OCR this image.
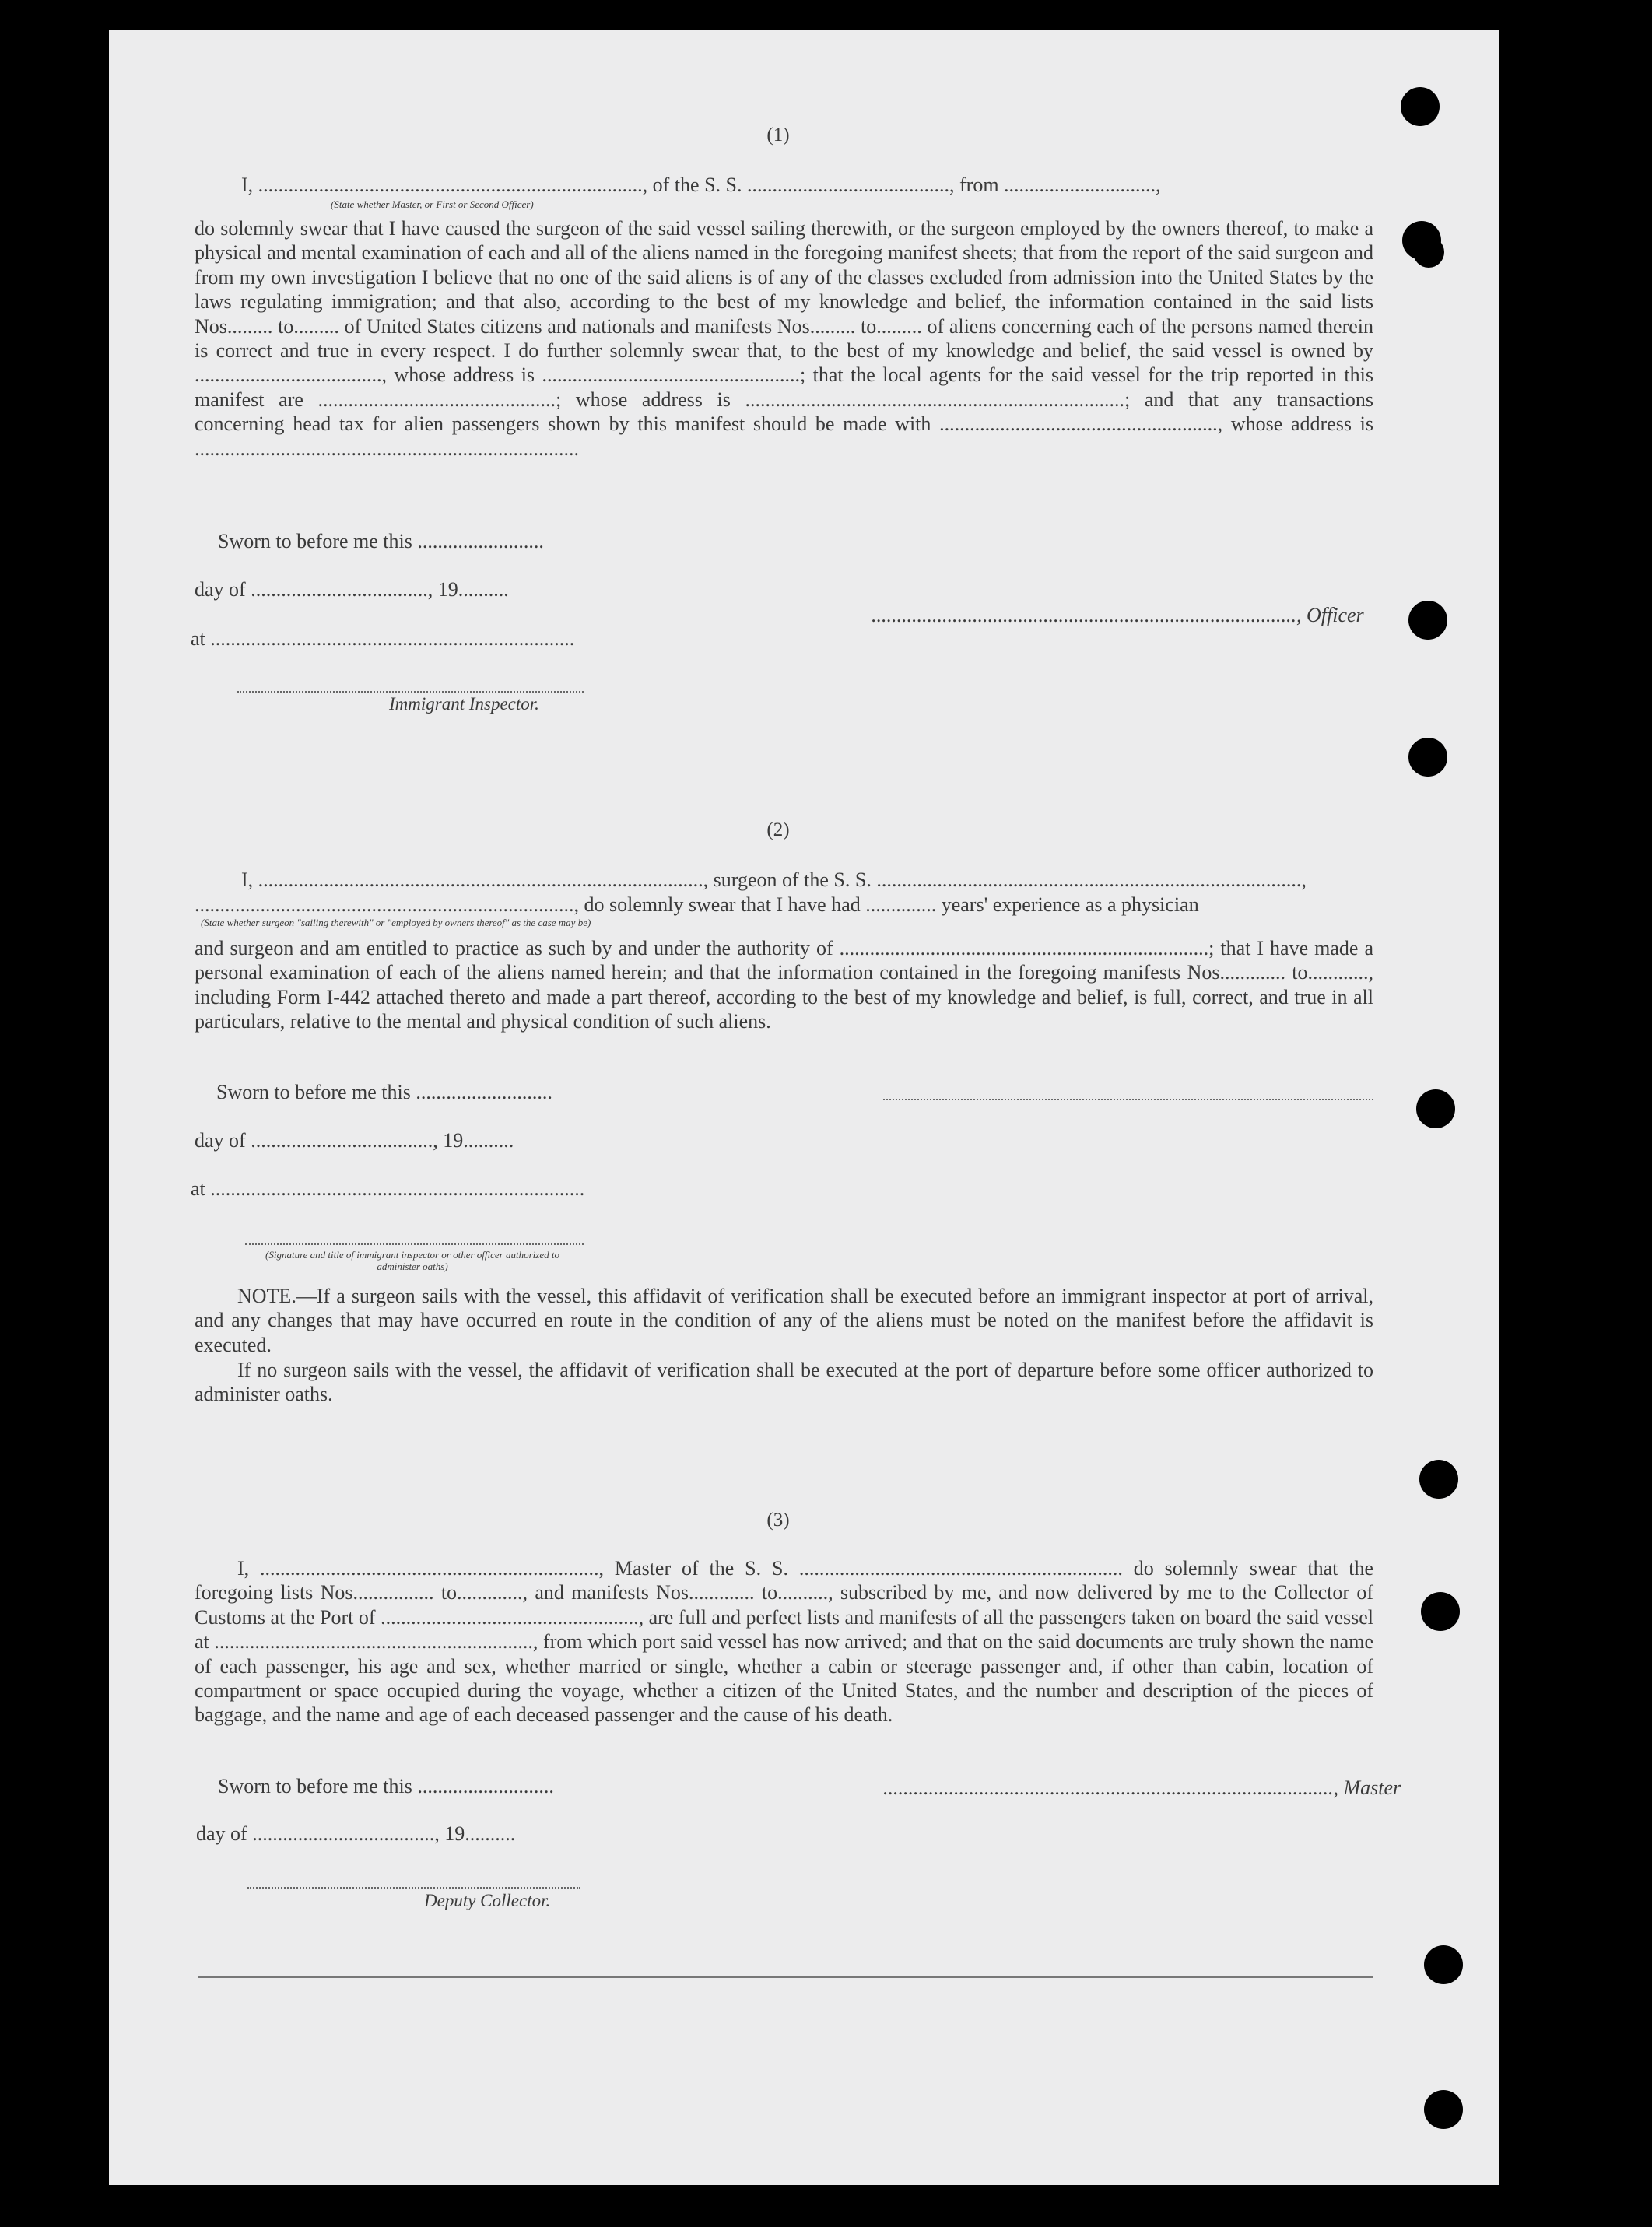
(1)
I, ............................................................................, of the S. S. ........................................, from ..............................,
(State whether Master, or First or Second Officer)
do solemnly swear that I have caused the surgeon of the said vessel sailing therewith, or the surgeon employed by the owners thereof, to make a physical and mental examination of each and all of the aliens named in the foregoing manifest sheets; that from the report of the said surgeon and from my own investigation I believe that no one of the said aliens is of any of the classes excluded from admission into the United States by the laws regulating immigration; and that also, according to the best of my knowledge and belief, the information contained in the said lists Nos......... to......... of United States citizens and nationals and manifests Nos......... to......... of aliens concerning each of the persons named therein is correct and true in every respect. I do further solemnly swear that, to the best of my knowledge and belief, the said vessel is owned by ....................................., whose address is ...................................................; that the local agents for the said vessel for the trip reported in this manifest are ...............................................; whose address is ...........................................................................; and that any transactions concerning head tax for alien passengers shown by this manifest should be made with ......................................................., whose address is ............................................................................
Sworn to before me this .........................
day of ..................................., 19..........
...................................................................................., Officer
at ........................................................................
Immigrant Inspector.
(2)
I, ........................................................................................, surgeon of the S. S. ....................................................................................,
..........................................................................., do solemnly swear that I have had .............. years' experience as a physician
(State whether surgeon "sailing therewith" or "employed by owners thereof" as the case may be)
and surgeon and am entitled to practice as such by and under the authority of .........................................................................; that I have made a personal examination of each of the aliens named herein; and that the information contained in the foregoing manifests Nos............. to............, including Form I-442 attached thereto and made a part thereof, according to the best of my knowledge and belief, is full, correct, and true in all particulars, relative to the mental and physical condition of such aliens.
Sworn to before me this ...........................
day of ...................................., 19..........
at ..........................................................................
(Signature and title of immigrant inspector or other officer authorized to administer oaths)
NOTE.—If a surgeon sails with the vessel, this affidavit of verification shall be executed before an immigrant inspector at port of arrival, and any changes that may have occurred en route in the condition of any of the aliens must be noted on the manifest before the affidavit is executed.
If no surgeon sails with the vessel, the affidavit of verification shall be executed at the port of departure before some officer authorized to administer oaths.
(3)
I, ..................................................................., Master of the S. S. ................................................................ do solemnly swear that the foregoing lists Nos................ to............., and manifests Nos............. to.........., subscribed by me, and now delivered by me to the Collector of Customs at the Port of ..................................................., are full and perfect lists and manifests of all the passengers taken on board the said vessel at ..............................................................., from which port said vessel has now arrived; and that on the said documents are truly shown the name of each passenger, his age and sex, whether married or single, whether a cabin or steerage passenger and, if other than cabin, location of compartment or space occupied during the voyage, whether a citizen of the United States, and the number and description of the pieces of baggage, and the name and age of each deceased passenger and the cause of his death.
Sworn to before me this ...........................	........................................................................................., Master
day of ...................................., 19..........
Deputy Collector.
